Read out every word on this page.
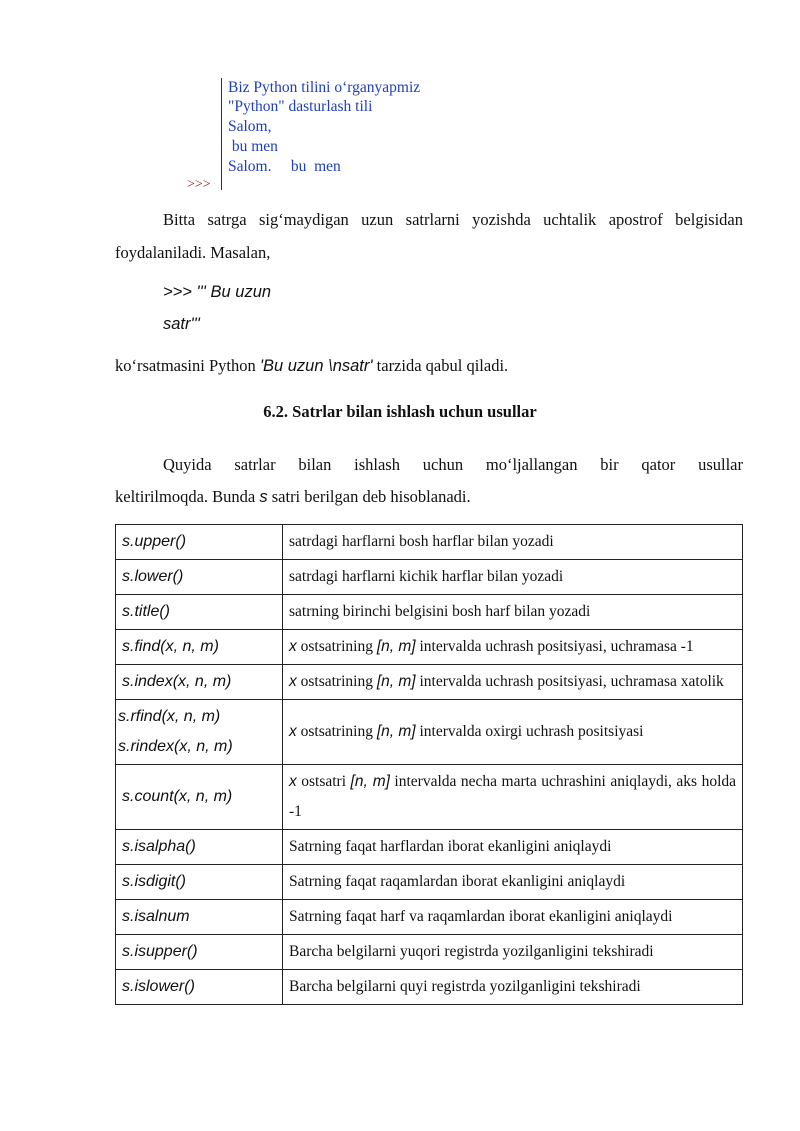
Biz Python tilini o‘rganyapmiz
"Python" dasturlash tili
Salom,
bu men
Salom.     bu  men
>>>
Bitta satrga sig‘maydigan uzun satrlarni yozishda uchtalik apostrof belgisidan
foydalaniladi. Masalan,
>>> ''' Bu uzun
satr'''
ko‘rsatmasini Python 'Bu uzun \nsatr' tarzida qabul qiladi.
6.2. Satrlar bilan ishlash uchun usullar
Quyida satrlar bilan ishlash uchun mo‘ljallangan bir qator usullar
keltirilmoqda. Bunda s satri berilgan deb hisoblanadi.
s.upper()	satrdagi harflarni bosh harflar bilan yozadi
s.lower()	satrdagi harflarni kichik harflar bilan yozadi
s.title()	satrning birinchi belgisini bosh harf bilan yozadi
s.find(x, n, m)	x ostsatrining [n, m] intervalda uchrash positsiyasi, uchramasa -1
s.index(x, n, m)	x ostsatrining [n, m] intervalda uchrash positsiyasi, uchramasa xatolik

s.rfind(x, n, m)
s.rindex(x, n, m)	x ostsatrining [n, m] intervalda oxirgi uchrash positsiyasi
s.count(x, n, m)	x ostsatri [n, m] intervalda necha marta uchrashini aniqlaydi, aks holda -1
s.isalpha()	Satrning faqat harflardan iborat ekanligini aniqlaydi
s.isdigit()	Satrning faqat raqamlardan iborat ekanligini aniqlaydi
s.isalnum	Satrning faqat harf va raqamlardan iborat ekanligini aniqlaydi
s.isupper()	Barcha belgilarni yuqori registrda yozilganligini tekshiradi
s.islower()	Barcha belgilarni quyi registrda yozilganligini tekshiradi
